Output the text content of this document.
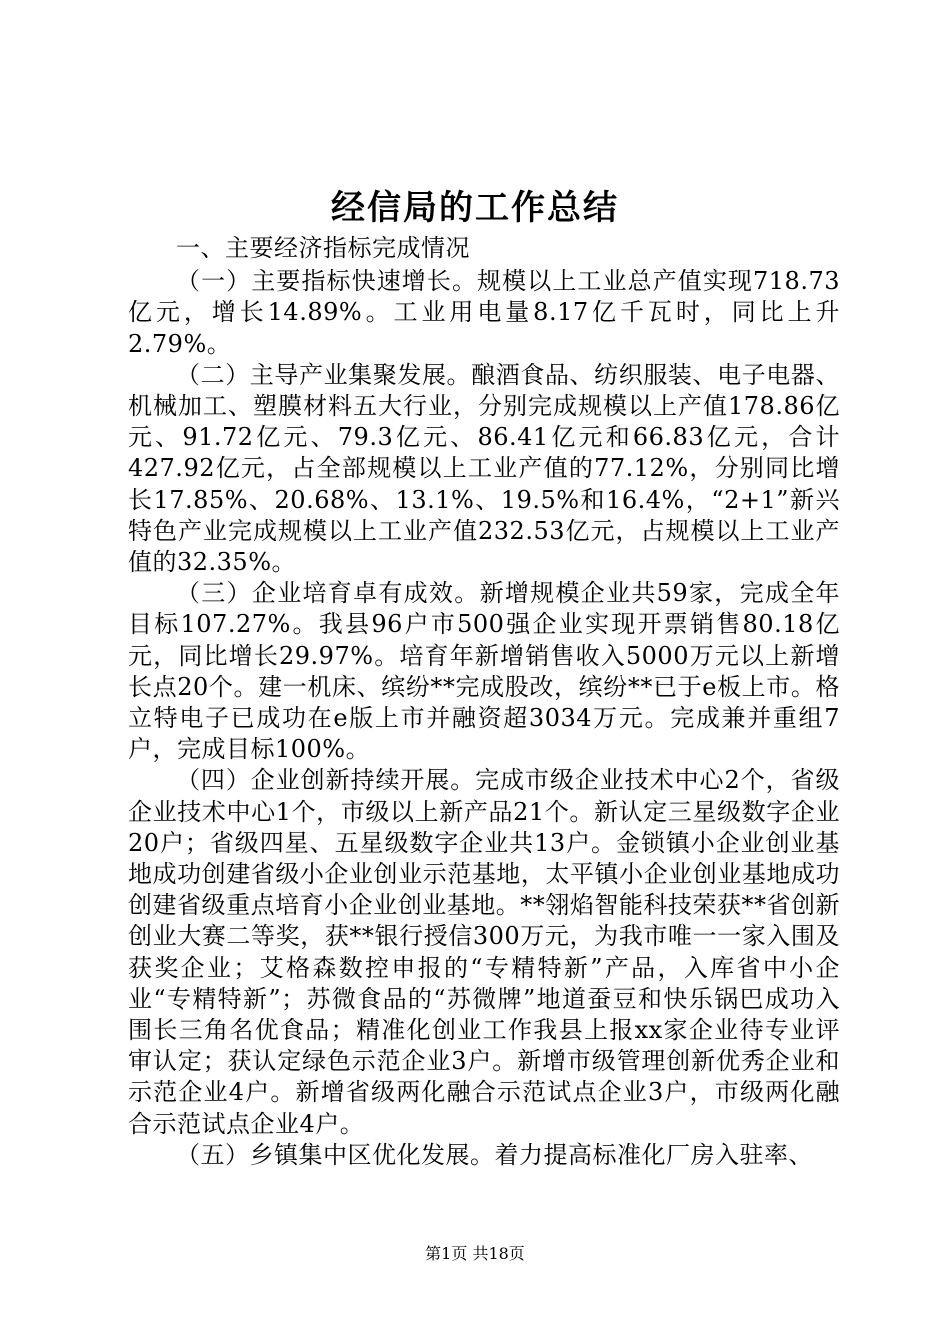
经信局的工作总结

一、主要经济指标完成情况

（一）主要指标快速增长。规模以上工业总产值实现718.73亿元，增长14.89%。工业用电量8.17亿千瓦时，同比上升2.79%。

（二）主导产业集聚发展。酿酒食品、纺织服装、电子电器、机械加工、塑膜材料五大行业，分别完成规模以上产值178.86亿元、91.72亿元、79.3亿元、86.41亿元和66.83亿元，合计427.92亿元，占全部规模以上工业产值的77.12%，分别同比增长17.85%、20.68%、13.1%、19.5%和16.4%，“2+1”新兴特色产业完成规模以上工业产值232.53亿元，占规模以上工业产值的32.35%。

（三）企业培育卓有成效。新增规模企业共59家，完成全年目标107.27%。我县96户市500强企业实现开票销售80.18亿元，同比增长29.97%。培育年新增销售收入5000万元以上新增长点20个。建一机床、缤纷**完成股改，缤纷**已于e板上市。格立特电子已成功在e版上市并融资超3034万元。完成兼并重组7户，完成目标100%。

（四）企业创新持续开展。完成市级企业技术中心2个，省级企业技术中心1个，市级以上新产品21个。新认定三星级数字企业20户；省级四星、五星级数字企业共13户。金锁镇小企业创业基地成功创建省级小企业创业示范基地，太平镇小企业创业基地成功创建省级重点培育小企业创业基地。**翎焰智能科技荣获**省创新创业大赛二等奖，获**银行授信300万元，为我市唯一一家入围及获奖企业；艾格森数控申报的“专精特新”产品，入库省中小企业“专精特新”；苏微食品的“苏微牌”地道蚕豆和快乐锅巴成功入围长三角名优食品；精准化创业工作我县上报xx家企业待专业评审认定；获认定绿色示范企业3户。新增市级管理创新优秀企业和示范企业4户。新增省级两化融合示范试点企业3户，市级两化融合示范试点企业4户。

（五）乡镇集中区优化发展。着力提高标准化厂房入驻率、

第1页 共18页
